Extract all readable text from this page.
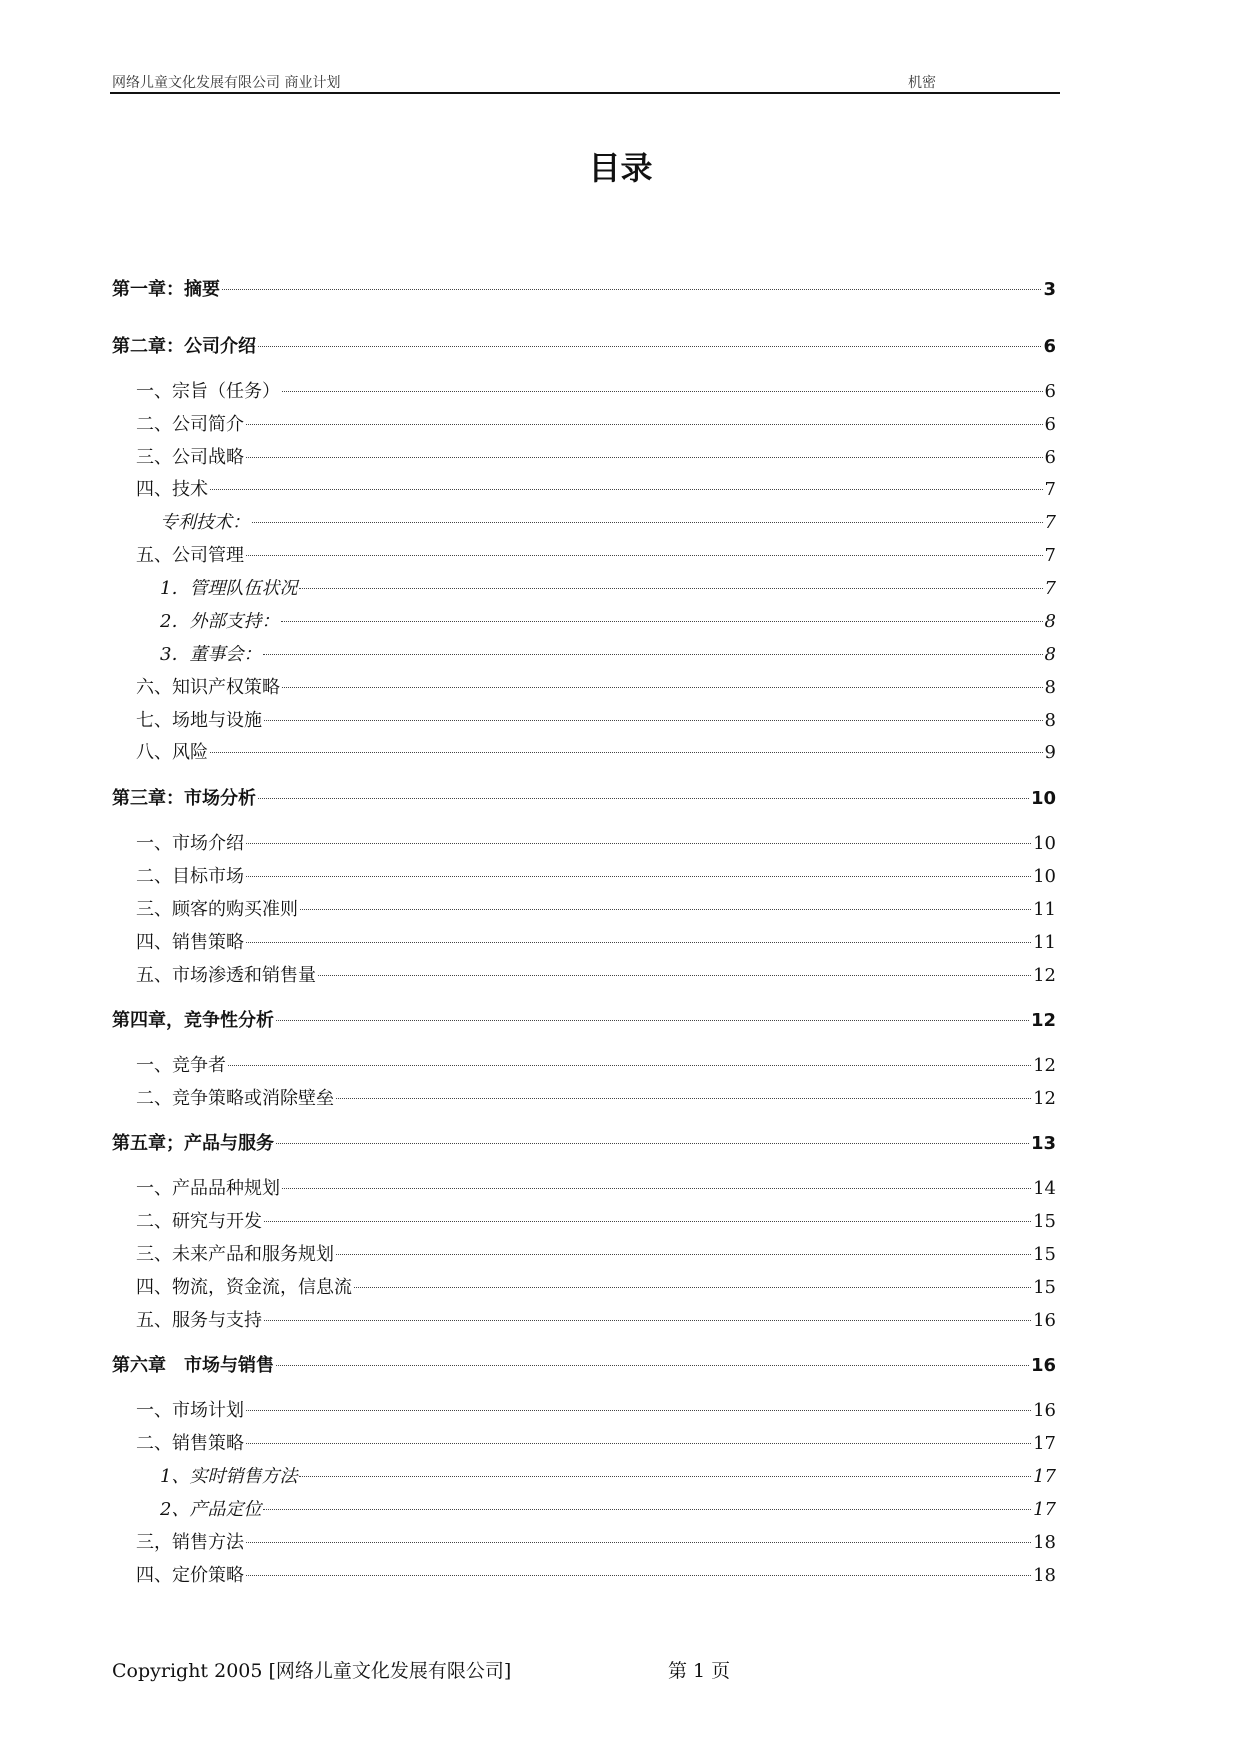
网络儿童文化发展有限公司 商业计划	机密
目录
第一章：摘要	3
第二章：公司介绍	6
一、宗旨（任务）	6
二、公司简介	6
三、公司战略	6
四、技术	7
专利技术：	7
五、公司管理	7
1．管理队伍状况	7
2．外部支持：	8
3．董事会：	8
六、知识产权策略	8
七、场地与设施	8
八、风险	9
第三章：市场分析	10
一、市场介绍	10
二、目标市场	10
三、顾客的购买准则	11
四、销售策略	11
五、市场渗透和销售量	12
第四章，竞争性分析	12
一、竞争者	12
二、竞争策略或消除壁垒	12
第五章；产品与服务	13
一、产品品种规划	14
二、研究与开发	15
三、未来产品和服务规划	15
四、物流，资金流，信息流	15
五、服务与支持	16
第六章　市场与销售	16
一、市场计划	16
二、销售策略	17
1、实时销售方法	17
2、产品定位	17
三，销售方法	18
四、定价策略	18
Copyright 2005 [网络儿童文化发展有限公司]	第 1 页
